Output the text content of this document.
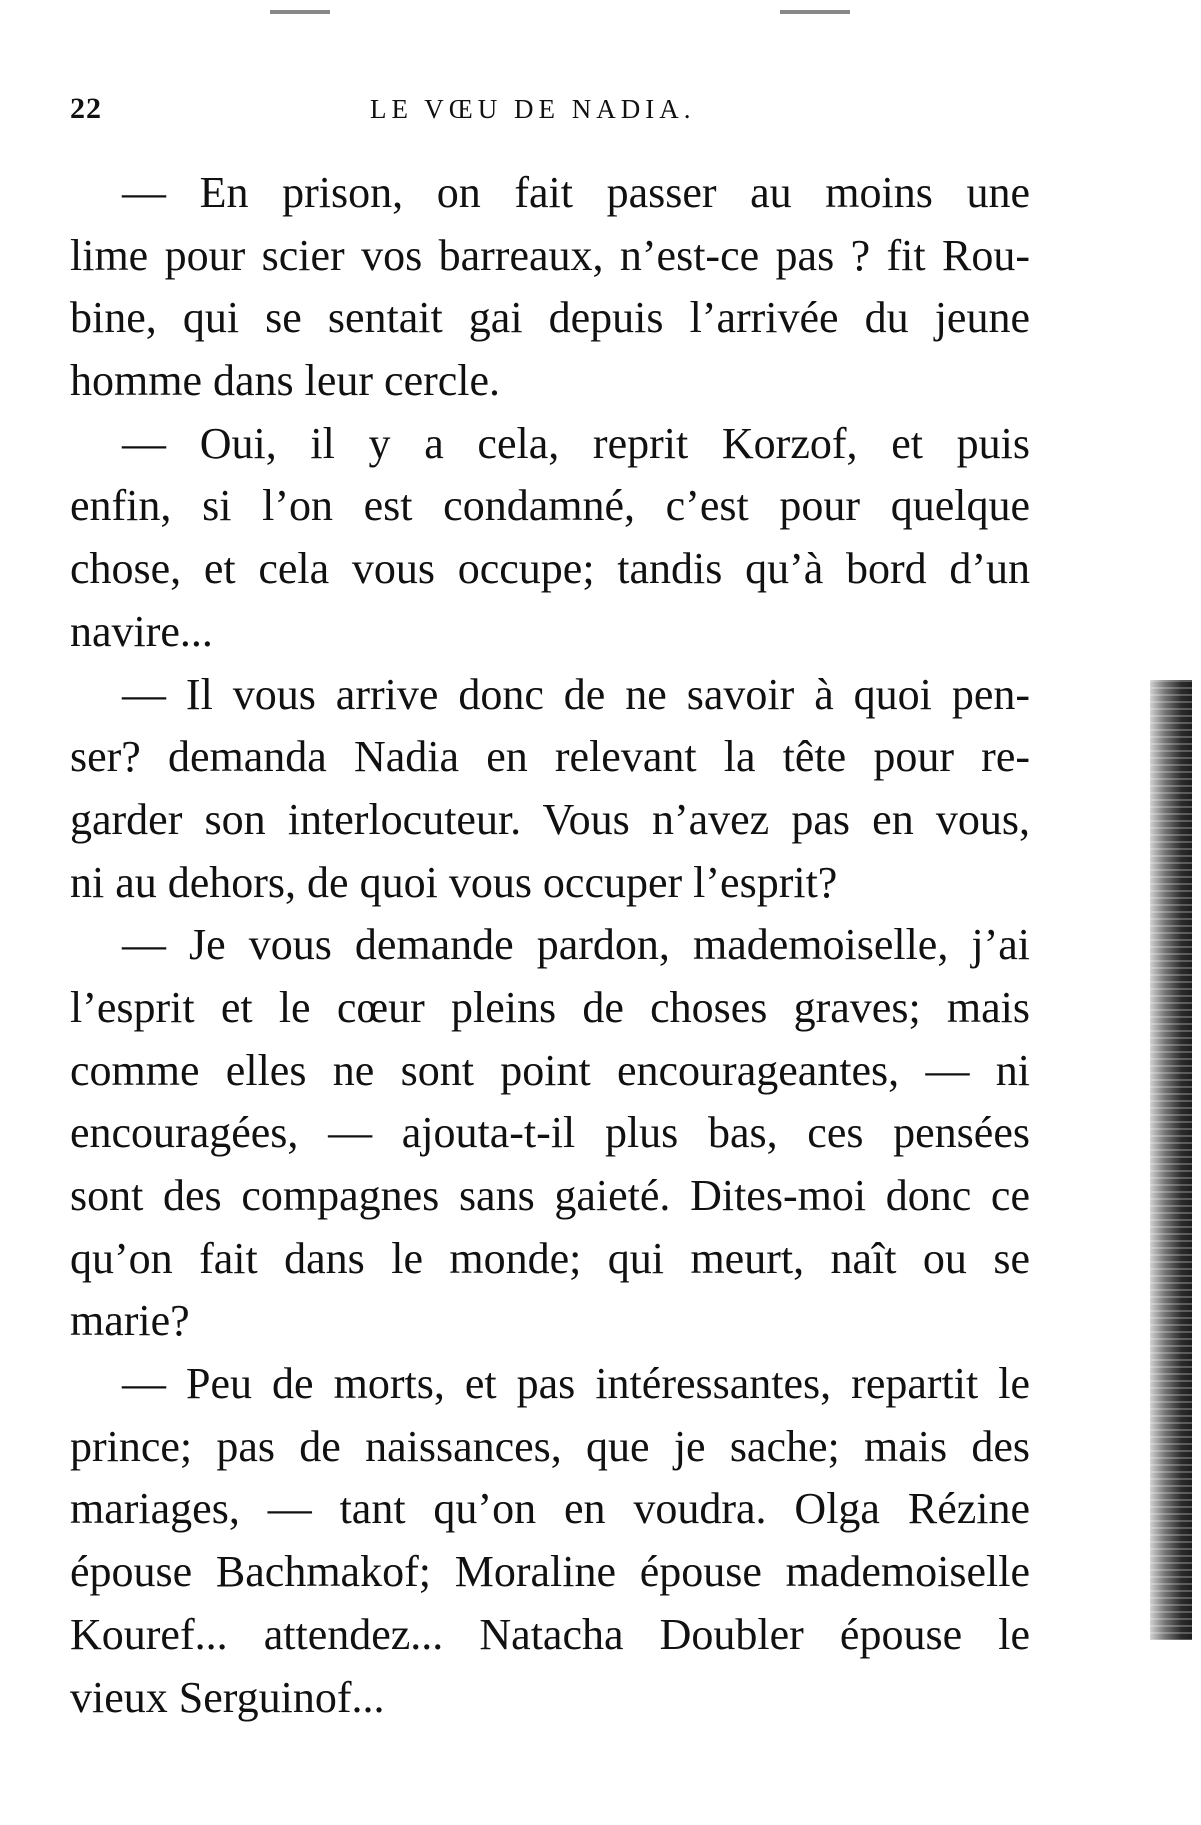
22	LE VŒU DE NADIA.
— En prison, on fait passer au moins une
lime pour scier vos barreaux, n’est-ce pas ? fit Rou-
bine, qui se sentait gai depuis l’arrivée du jeune
homme dans leur cercle.
— Oui, il y a cela, reprit Korzof, et puis
enfin, si l’on est condamné, c’est pour quelque
chose, et cela vous occupe; tandis qu’à bord d’un
navire...
— Il vous arrive donc de ne savoir à quoi pen-
ser? demanda Nadia en relevant la tête pour re-
garder son interlocuteur. Vous n’avez pas en vous,
ni au dehors, de quoi vous occuper l’esprit?
— Je vous demande pardon, mademoiselle, j’ai
l’esprit et le cœur pleins de choses graves; mais
comme elles ne sont point encourageantes, — ni
encouragées, — ajouta-t-il plus bas, ces pensées
sont des compagnes sans gaieté. Dites-moi donc ce
qu’on fait dans le monde; qui meurt, naît ou se
marie?
— Peu de morts, et pas intéressantes, repartit le
prince; pas de naissances, que je sache; mais des
mariages, — tant qu’on en voudra. Olga Rézine
épouse Bachmakof; Moraline épouse mademoiselle
Kouref... attendez... Natacha Doubler épouse le
vieux Serguinof...
